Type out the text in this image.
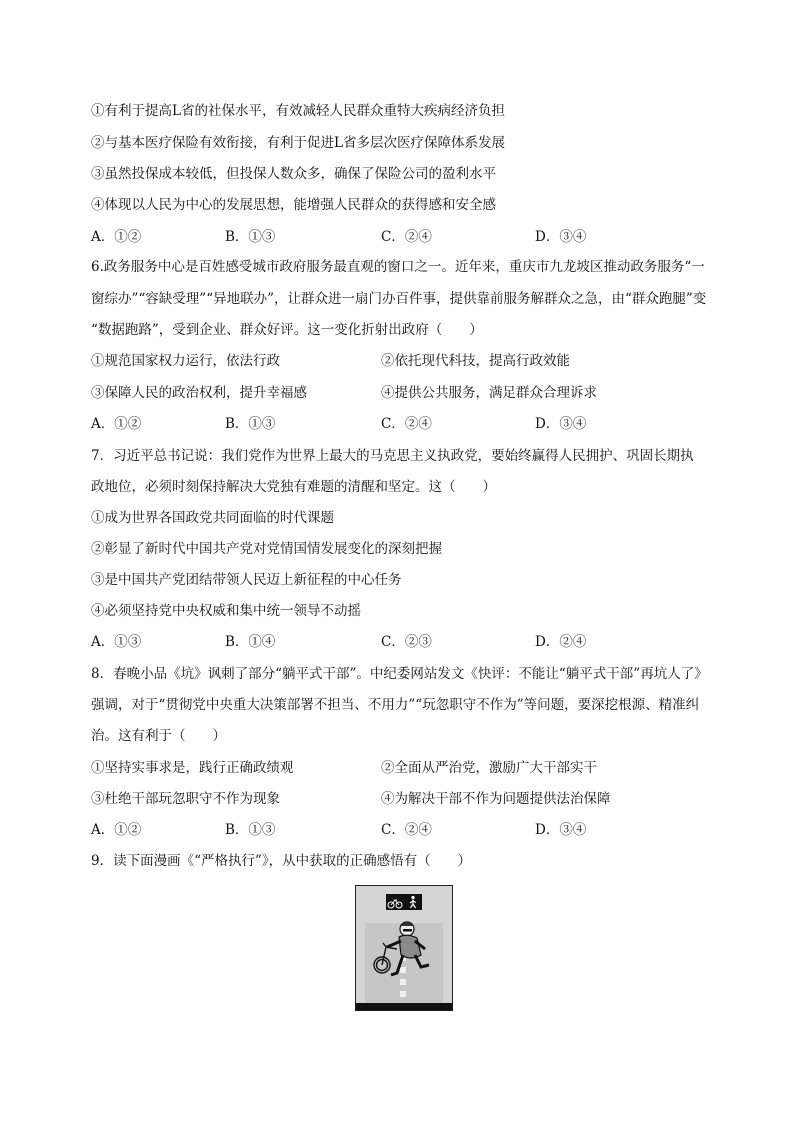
①有利于提高L省的社保水平，有效减轻人民群众重特大疾病经济负担
②与基本医疗保险有效衔接，有利于促进L省多层次医疗保障体系发展
③虽然投保成本较低，但投保人数众多，确保了保险公司的盈利水平
④体现以人民为中心的发展思想，能增强人民群众的获得感和安全感
A．①②	B．①③	C．②④	D．③④
6.政务服务中心是百姓感受城市政府服务最直观的窗口之一。近年来，重庆市九龙坡区推动政务服务“一
窗综办”“容缺受理”“异地联办”，让群众进一扇门办百件事，提供靠前服务解群众之急，由“群众跑腿”变
“数据跑路”，受到企业、群众好评。这一变化折射出政府（　　）
①规范国家权力运行，依法行政	②依托现代科技，提高行政效能
③保障人民的政治权利，提升幸福感	④提供公共服务，满足群众合理诉求
A．①②	B．①③	C．②④	D．③④
7．习近平总书记说：我们党作为世界上最大的马克思主义执政党，要始终赢得人民拥护、巩固长期执
政地位，必须时刻保持解决大党独有难题的清醒和坚定。这（　　）
①成为世界各国政党共同面临的时代课题
②彰显了新时代中国共产党对党情国情发展变化的深刻把握
③是中国共产党团结带领人民迈上新征程的中心任务
④必须坚持党中央权威和集中统一领导不动摇
A．①③	B．①④	C．②③	D．②④
8．春晚小品《坑》讽刺了部分“躺平式干部”。中纪委网站发文《快评：不能让“躺平式干部”再坑人了》
强调，对于“贯彻党中央重大决策部署不担当、不用力”“玩忽职守不作为”等问题，要深挖根源、精准纠
治。这有利于（　　）
①坚持实事求是，践行正确政绩观	②全面从严治党，激励广大干部实干
③杜绝干部玩忽职守不作为现象	④为解决干部不作为问题提供法治保障
A．①②	B．①③	C．②④	D．③④
9．读下面漫画《“严格执行”》，从中获取的正确感悟有（　　）
